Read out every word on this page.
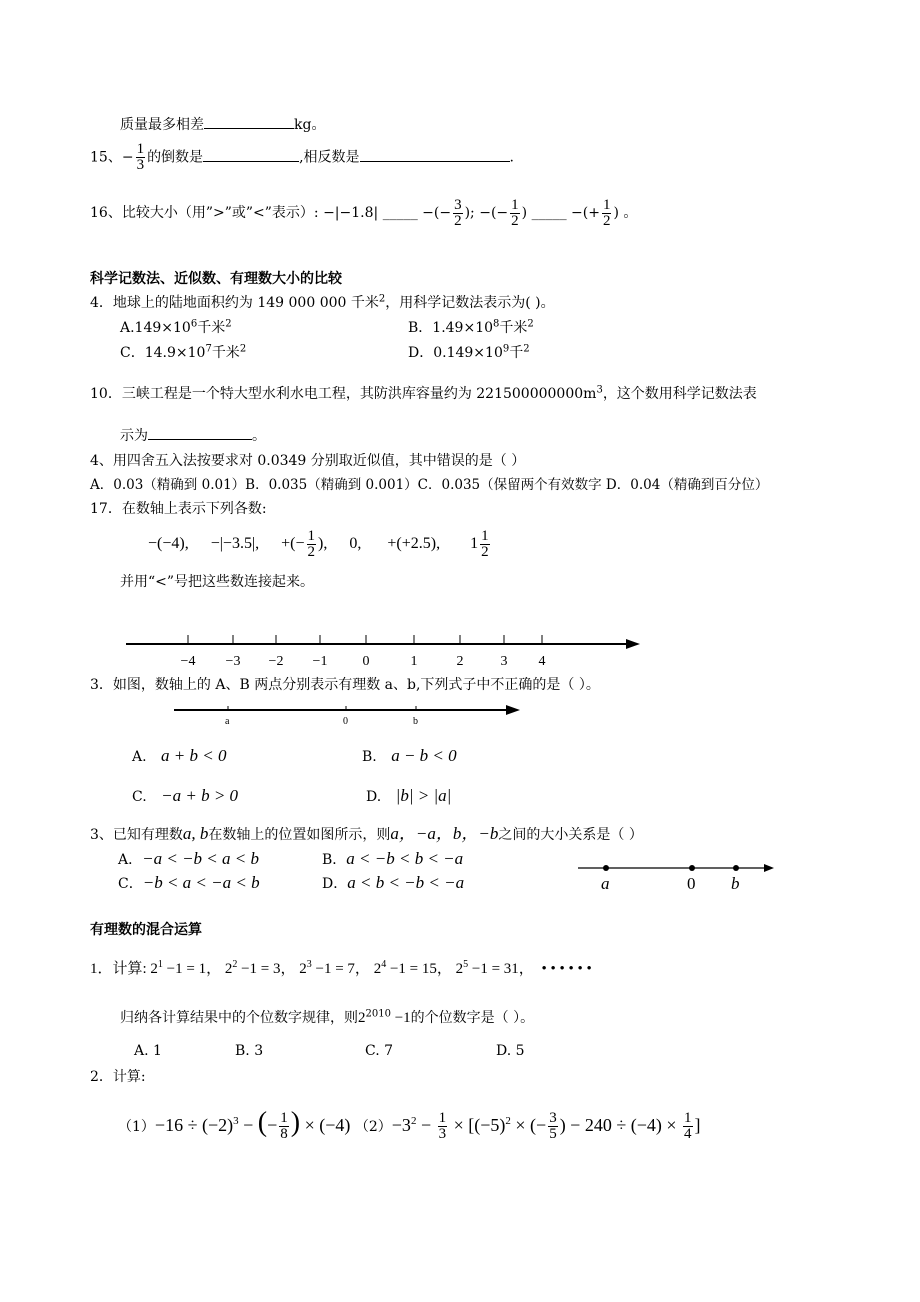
质量最多相差	kg。
15、− $\frac{1}{3}$ 的倒数是	,相反数是	.
16、比较大小（用”>”或”<”表示）: −|−1.8| _____ −(− $\frac{3}{2}$ ); −(− $\frac{1}{2}$ ) _____ −(+ $\frac{1}{2}$ ) 。
科学记数法、近似数、有理数大小的比较
4．地球上的陆地面积约为 149 000 000 千米$^2$，用科学记数法表示为( )。
$A.149\times 10^6$千米$^2$	B．$1.49\times 10^8$千米$^2$
C．$14.9\times 10^7$千米$^2$	D．$0.149\times 10^9$千$^2$
10．三峡工程是一个特大型水利水电工程，其防洪库容量约为 $221500000000m^3$，这个数用科学记数法表
示为	。
4、用四舍五入法按要求对 0.0349 分别取近似值，其中错误的是（ ）
A．0.03（精确到 0.01）B．0.035（精确到 0.001）C．0.035（保留两个有效数字 D．0.04（精确到百分位）
17．在数轴上表示下列各数:
−(−4), −|−3.5|, +(− $\frac{1}{2}$ ), 0, +(+2.5), $1 \frac{1}{2}$
并用“<”号把这些数连接起来。
−4 −3 −2 −1	0	1	2	3 4
3．如图，数轴上的 A、B 两点分别表示有理数 a、b,下列式子中不正确的是（ ）。
a	0	b
A. a + b < 0	B. a − b < 0
C. −a + b > 0	D. |b| > |a|
3、已知有理数a, b在数轴上的位置如图所示，则a，−a，b，−b之间的大小关系是（ ）
A．−a < −b < a < b	B．a < −b < b < −a
C．−b < a < −a < b	D．a < b < −b < −a	a	0 b
有理数的混合运算
1．计算: $2^1 -1 = 1$， $2^2 -1 = 3$， $2^3 -1 = 7$， $2^4 -1 = 15$， $2^5 -1 = 31$， • • • • • •
归纳各计算结果中的个位数字规律，则$2^{2010} -1$的个位数字是（ ）。
A. 1	B. 3	C. 7	D. 5
2．计算:
$(1)-16 \div (-2)^3$ − (− $\frac{1}{8}$ ) × (−4) $(2)-3^2 - \frac{1}{3} \times [(-5)^2$ × (− $\frac{3}{5}$ ) − $240 \div (-4) \times \frac{1}{4}$ ]
